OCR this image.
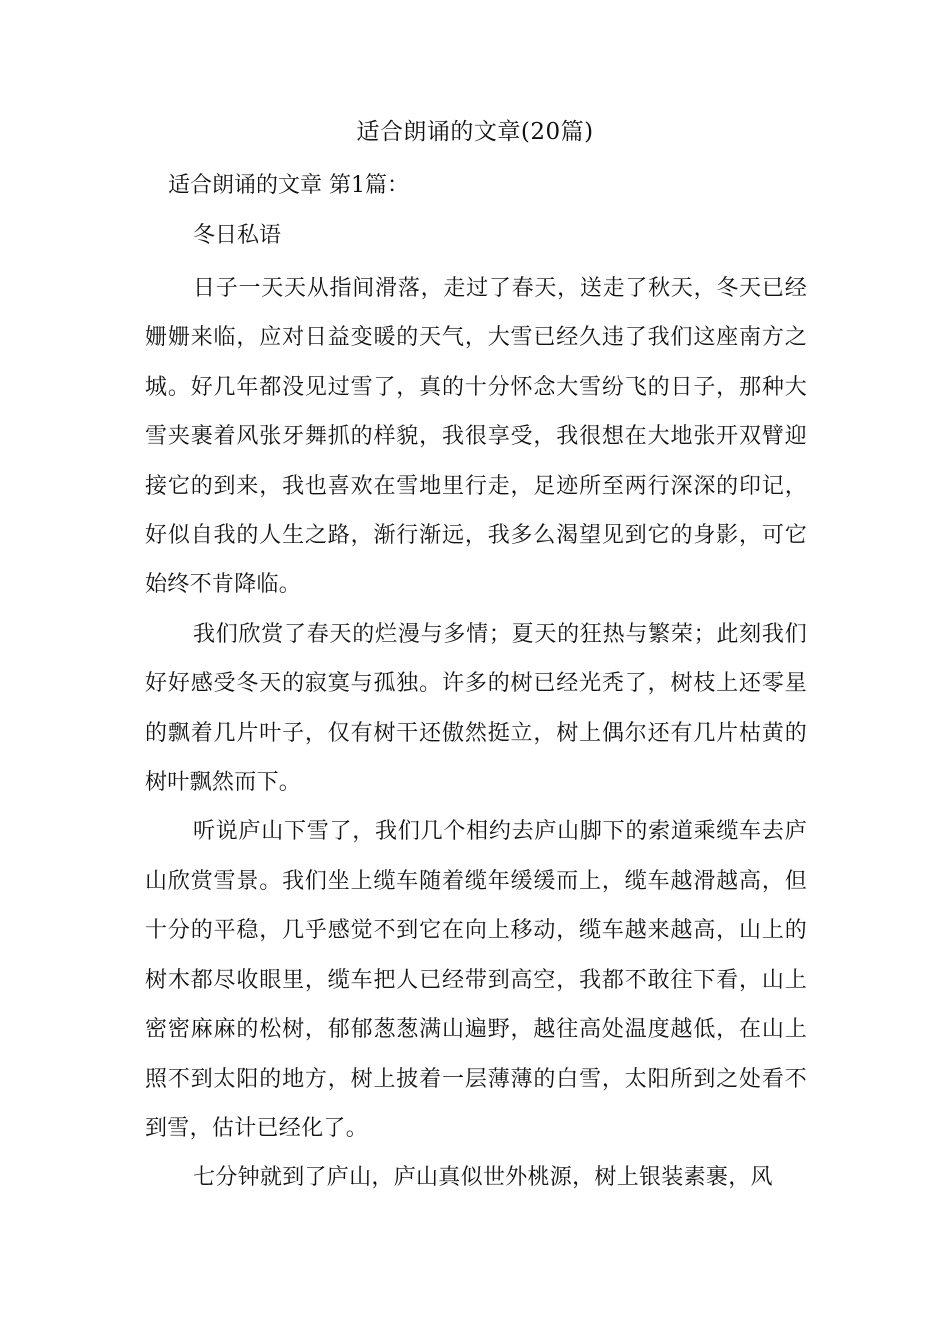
适合朗诵的文章(20篇)
适合朗诵的文章 第1篇：
冬日私语

日子一天天从指间滑落，走过了春天，送走了秋天，冬天已经姗姗来临，应对日益变暖的天气，大雪已经久违了我们这座南方之城。好几年都没见过雪了，真的十分怀念大雪纷飞的日子，那种大雪夹裹着风张牙舞抓的样貌，我很享受，我很想在大地张开双臂迎接它的到来，我也喜欢在雪地里行走，足迹所至两行深深的印记，好似自我的人生之路，渐行渐远，我多么渴望见到它的身影，可它始终不肯降临。

我们欣赏了春天的烂漫与多情；夏天的狂热与繁荣；此刻我们好好感受冬天的寂寞与孤独。许多的树已经光秃了，树枝上还零星的飘着几片叶子，仅有树干还傲然挺立，树上偶尔还有几片枯黄的树叶飘然而下。

听说庐山下雪了，我们几个相约去庐山脚下的索道乘缆车去庐山欣赏雪景。我们坐上缆车随着缆年缓缓而上，缆车越滑越高，但十分的平稳，几乎感觉不到它在向上移动，缆车越来越高，山上的树木都尽收眼里，缆车把人已经带到高空，我都不敢往下看，山上密密麻麻的松树，郁郁葱葱满山遍野，越往高处温度越低，在山上照不到太阳的地方，树上披着一层薄薄的白雪，太阳所到之处看不到雪，估计已经化了。

七分钟就到了庐山，庐山真似世外桃源，树上银装素裹，风
